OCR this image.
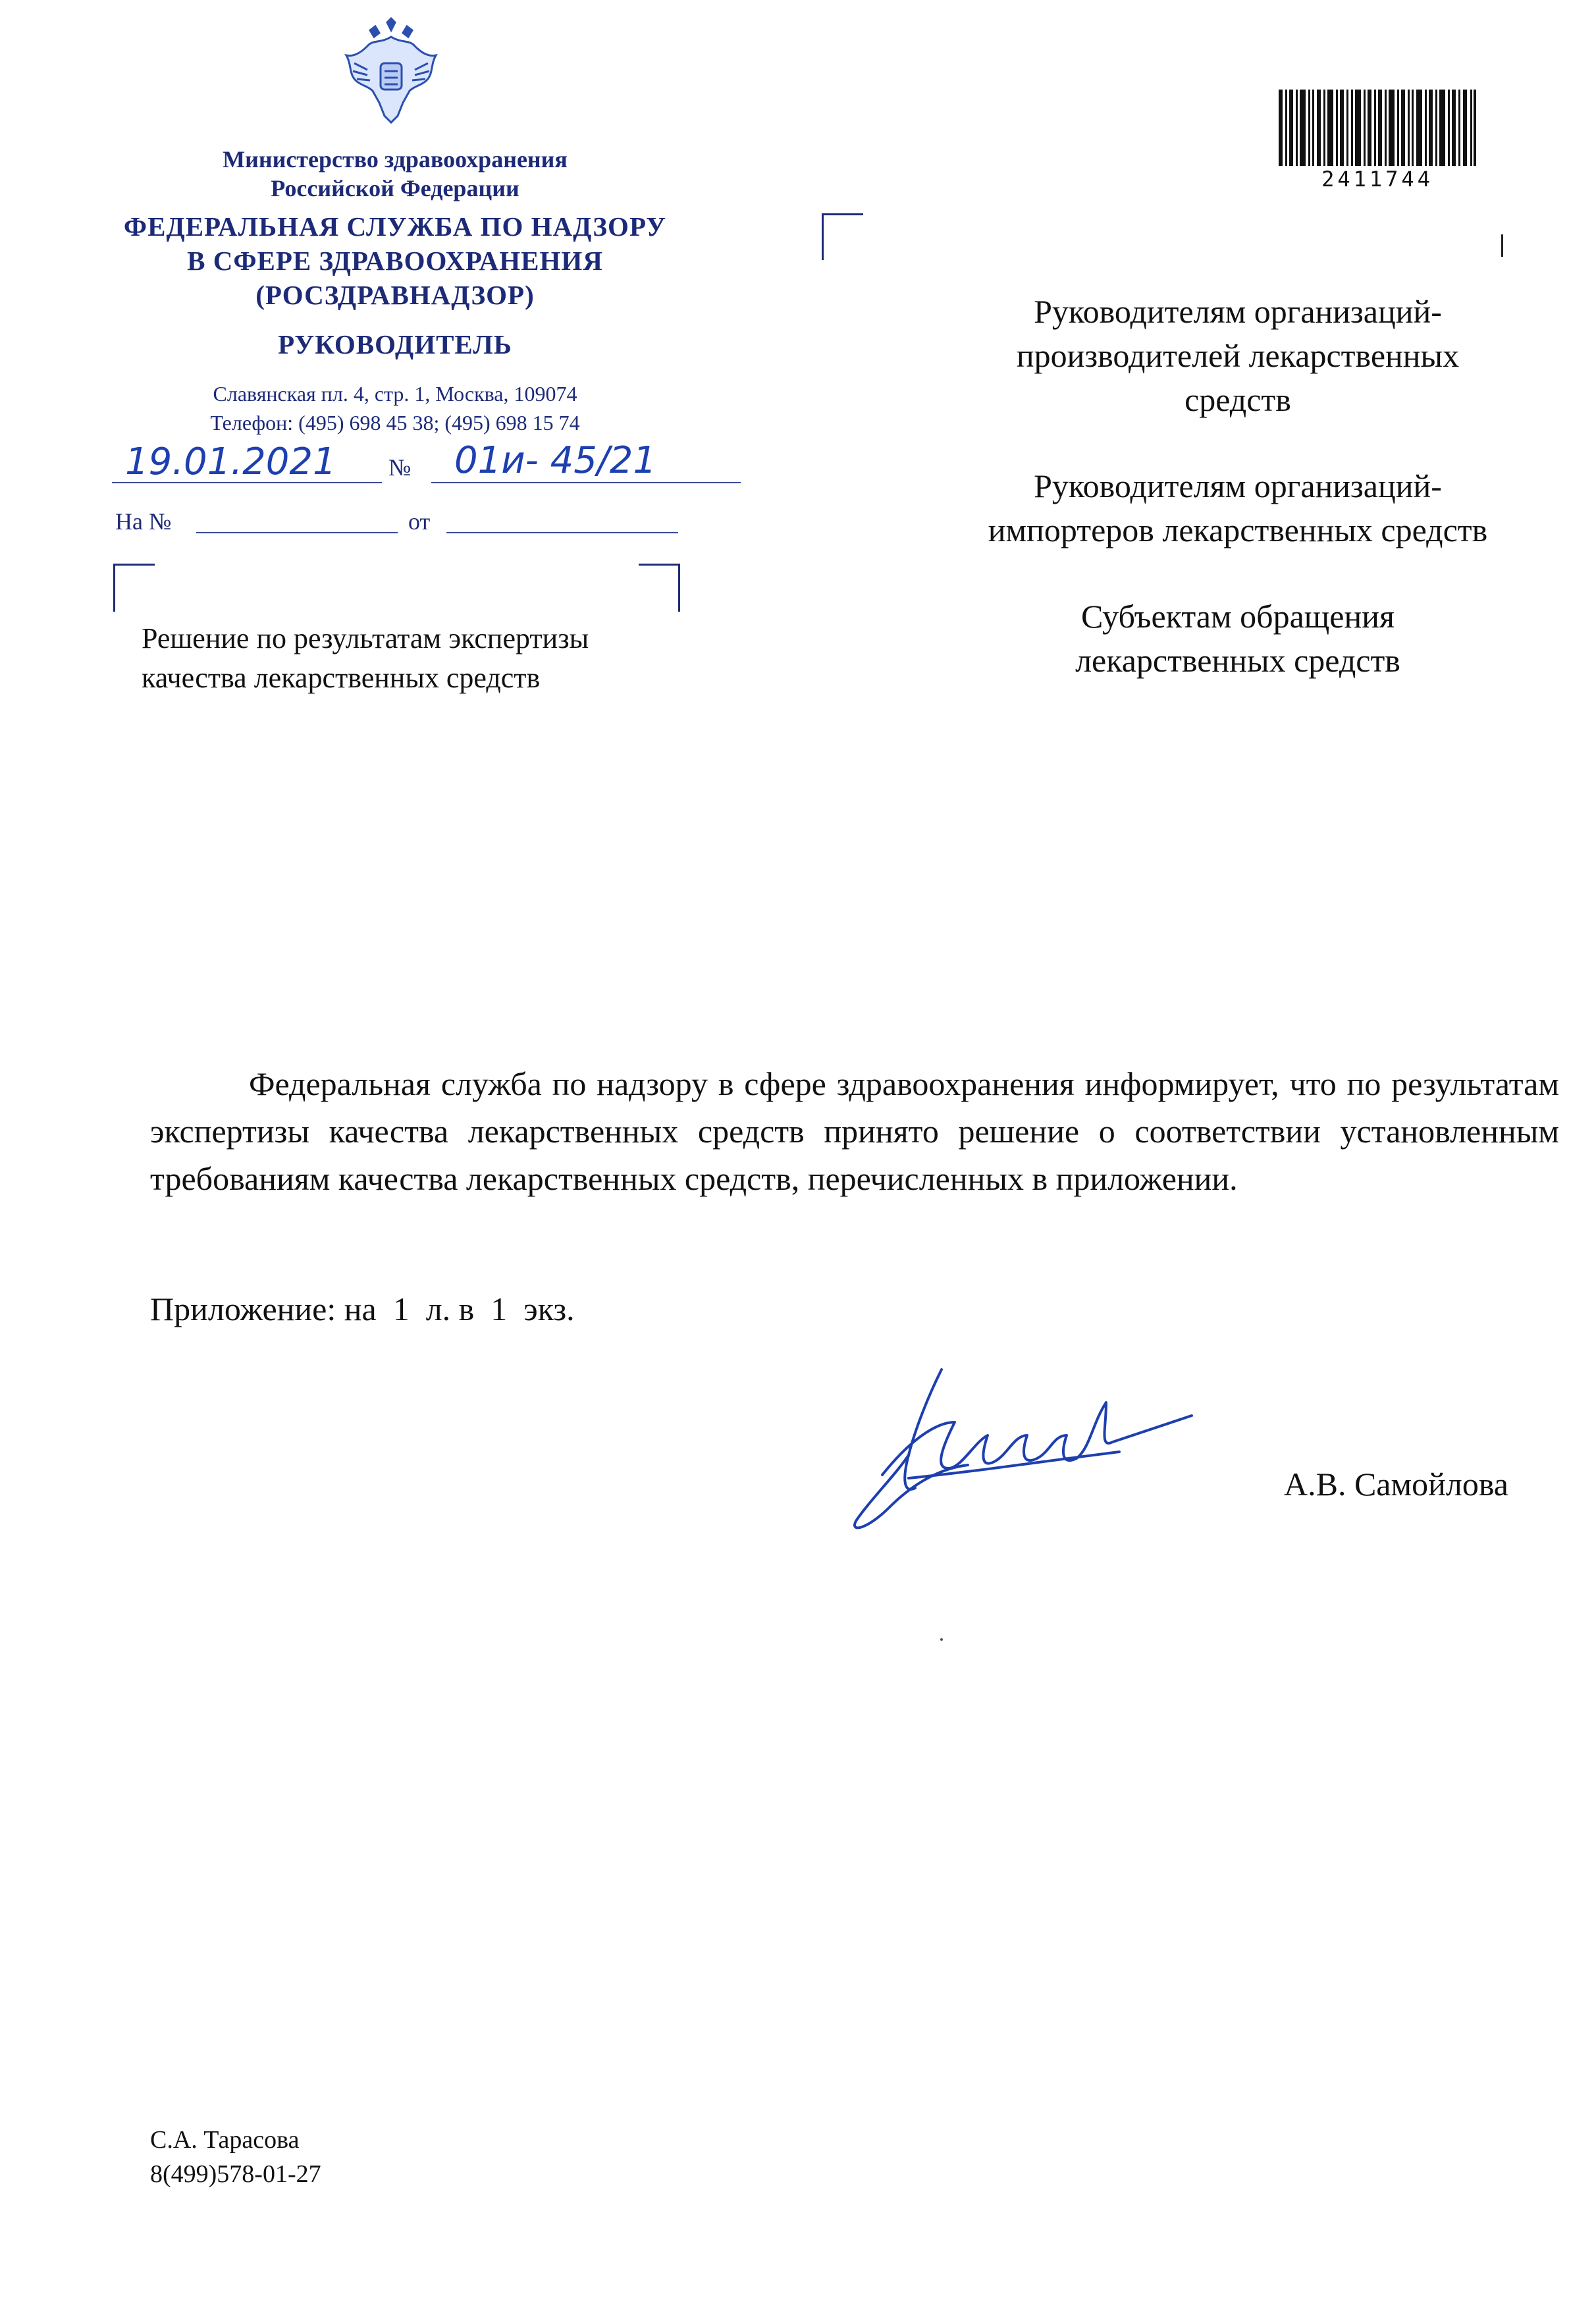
Министерство здравоохранения
Российской Федерации
ФЕДЕРАЛЬНАЯ СЛУЖБА ПО НАДЗОРУ
В СФЕРЕ ЗДРАВООХРАНЕНИЯ
(РОСЗДРАВНАДЗОР)
РУКОВОДИТЕЛЬ
Славянская пл. 4, стр. 1, Москва, 109074
Телефон: (495) 698 45 38; (495) 698 15 74
19.01.2021 № 01и- 45/21
На №	от
Решение по результатам экспертизы
качества лекарственных средств
2411744
Руководителям организаций-
производителей лекарственных
средств
Руководителям организаций-
импортеров лекарственных средств
Субъектам обращения
лекарственных средств
Федеральная служба по надзору в сфере здравоохранения информирует, что по результатам экспертизы качества лекарственных средств принято решение о соответствии установленным требованиям качества лекарственных средств, перечисленных в приложении.
Приложение: на  1  л. в  1  экз.
А.В. Самойлова
С.А. Тарасова
8(499)578-01-27
